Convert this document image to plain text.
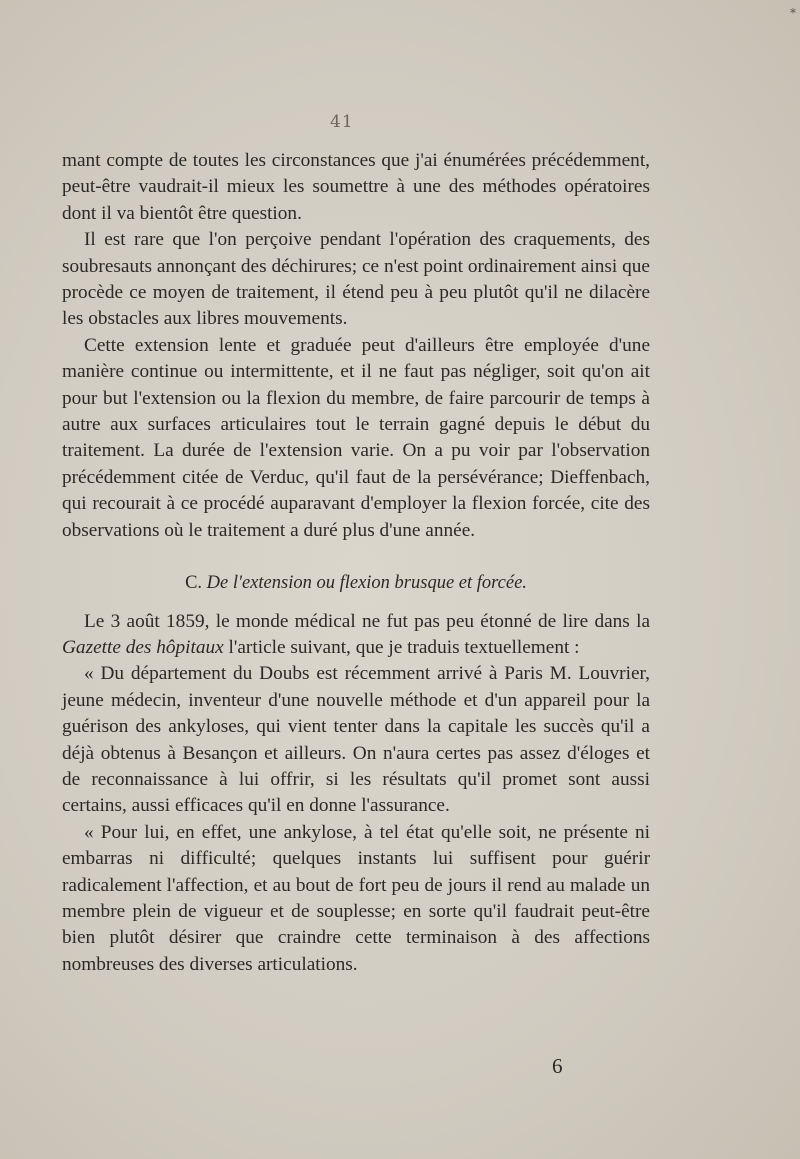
*
41

mant compte de toutes les circonstances que j'ai énumérées précédemment, peut-être vaudrait-il mieux les soumettre à une des méthodes opératoires dont il va bientôt être question.

Il est rare que l'on perçoive pendant l'opération des craquements, des soubresauts annonçant des déchirures; ce n'est point ordinairement ainsi que procède ce moyen de traitement, il étend peu à peu plutôt qu'il ne dilacère les obstacles aux libres mouvements.

Cette extension lente et graduée peut d'ailleurs être employée d'une manière continue ou intermittente, et il ne faut pas négliger, soit qu'on ait pour but l'extension ou la flexion du membre, de faire parcourir de temps à autre aux surfaces articulaires tout le terrain gagné depuis le début du traitement. La durée de l'extension varie. On a pu voir par l'observation précédemment citée de Verduc, qu'il faut de la persévérance; Dieffenbach, qui recourait à ce procédé auparavant d'employer la flexion forcée, cite des observations où le traitement a duré plus d'une année.

C. De l'extension ou flexion brusque et forcée.

Le 3 août 1859, le monde médical ne fut pas peu étonné de lire dans la Gazette des hôpitaux l'article suivant, que je traduis textuellement :

« Du département du Doubs est récemment arrivé à Paris M. Louvrier, jeune médecin, inventeur d'une nouvelle méthode et d'un appareil pour la guérison des ankyloses, qui vient tenter dans la capitale les succès qu'il a déjà obtenus à Besançon et ailleurs. On n'aura certes pas assez d'éloges et de reconnaissance à lui offrir, si les résultats qu'il promet sont aussi certains, aussi efficaces qu'il en donne l'assurance.

« Pour lui, en effet, une ankylose, à tel état qu'elle soit, ne présente ni embarras ni difficulté; quelques instants lui suffisent pour guérir radicalement l'affection, et au bout de fort peu de jours il rend au malade un membre plein de vigueur et de souplesse; en sorte qu'il faudrait peut-être bien plutôt désirer que craindre cette terminaison à des affections nombreuses des diverses articulations.

6
